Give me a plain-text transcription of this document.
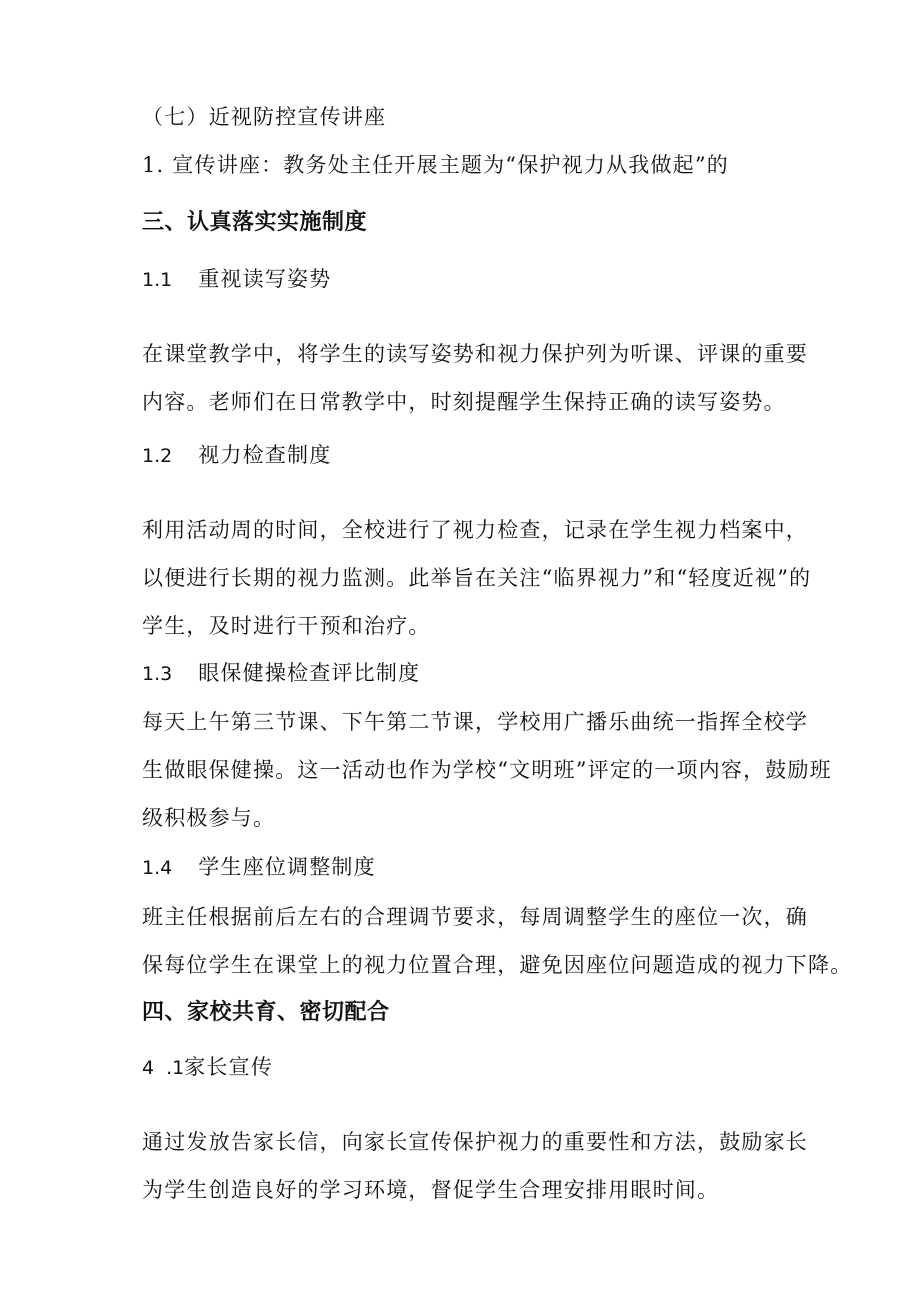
（七）近视防控宣传讲座
1. 宣传讲座：教务处主任开展主题为“保护视力从我做起”的
三、认真落实实施制度
1.1 重视读写姿势
在课堂教学中，将学生的读写姿势和视力保护列为听课、评课的重要
内容。老师们在日常教学中，时刻提醒学生保持正确的读写姿势。
1.2 视力检查制度
利用活动周的时间，全校进行了视力检查，记录在学生视力档案中，
以便进行长期的视力监测。此举旨在关注“临界视力”和“轻度近视”的
学生，及时进行干预和治疗。
1.3 眼保健操检查评比制度
每天上午第三节课、下午第二节课，学校用广播乐曲统一指挥全校学
生做眼保健操。这一活动也作为学校“文明班”评定的一项内容，鼓励班
级积极参与。
1.4 学生座位调整制度
班主任根据前后左右的合理调节要求，每周调整学生的座位一次，确
保每位学生在课堂上的视力位置合理，避免因座位问题造成的视力下降。
四、家校共育、密切配合
4 .1家长宣传
通过发放告家长信，向家长宣传保护视力的重要性和方法，鼓励家长
为学生创造良好的学习环境，督促学生合理安排用眼时间。
